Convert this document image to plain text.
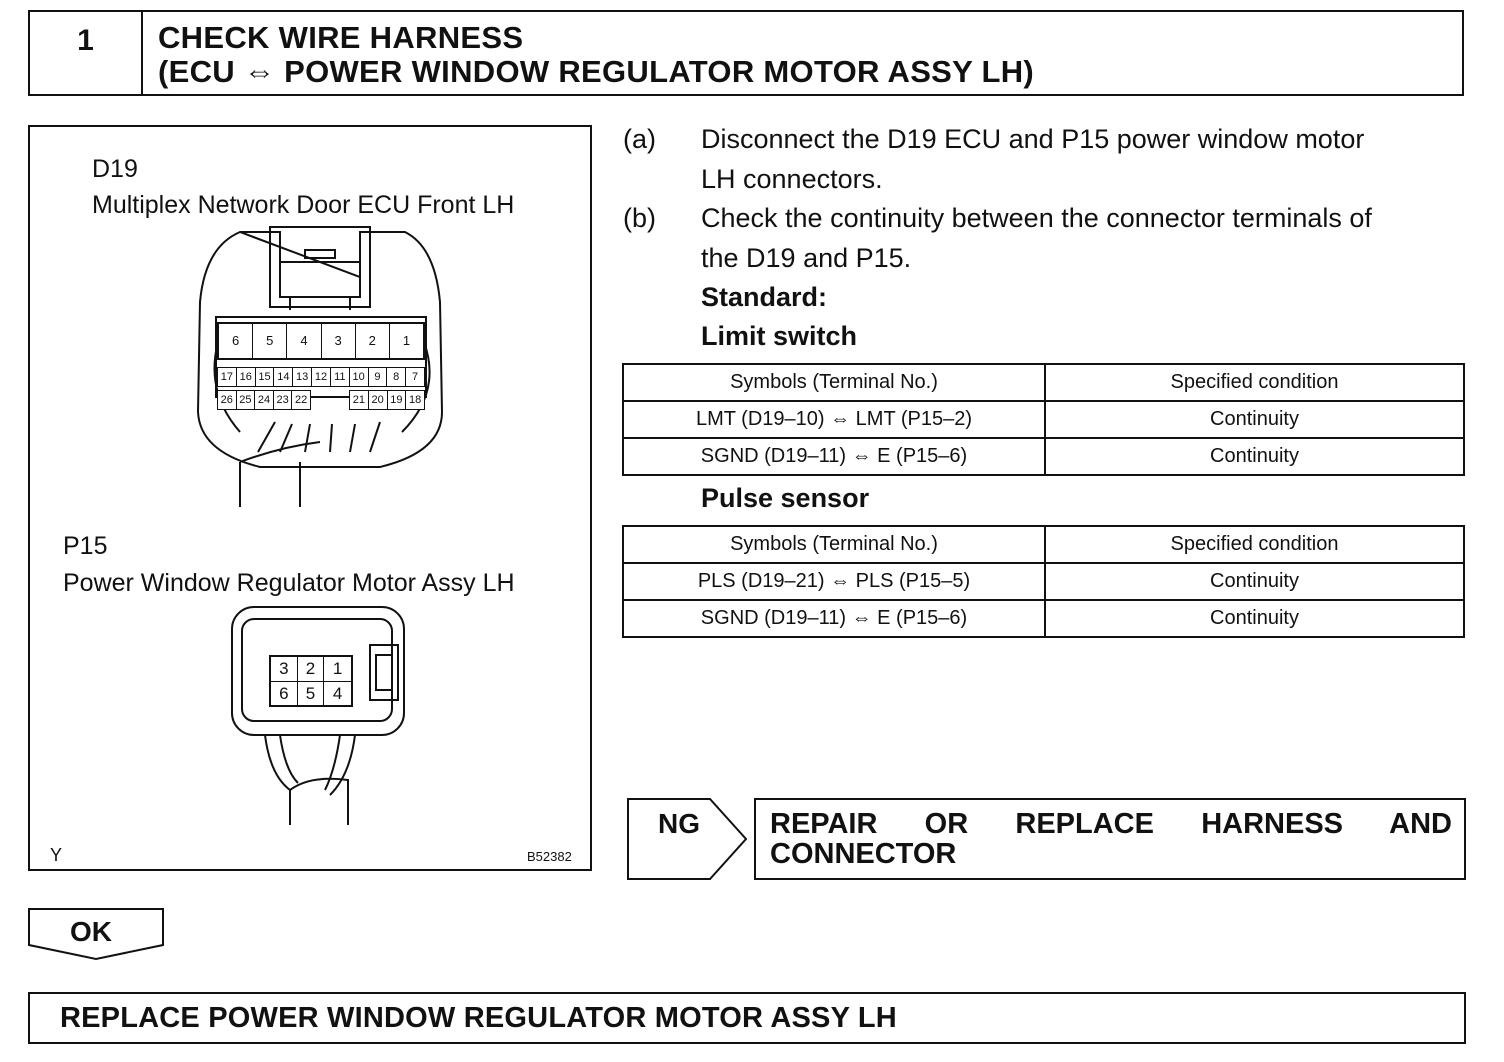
1	CHECK WIRE HARNESS
(ECU ⇔ POWER WINDOW REGULATOR MOTOR ASSY LH)
D19
Multiplex Network Door ECU Front LH
6	5	4	3	2	1
17 16 15 14 13 12 11 10 9	8	7
26 25 24 23 22	21 20 19 18
P15
Power Window Regulator Motor Assy LH
3	2	1
6	5	4
Y	B52382
(a) Disconnect the D19 ECU and P15 power window motor
LH connectors.
(b) Check the continuity between the connector terminals of
the D19 and P15.
Standard:
Limit switch
Symbols (Terminal No.)	Specified condition
LMT (D19–10) ⇔ LMT (P15–2)	Continuity
SGND (D19–11) ⇔ E (P15–6)	Continuity
Pulse sensor
Symbols (Terminal No.)	Specified condition
PLS (D19–21) ⇔ PLS (P15–5)	Continuity
SGND (D19–11) ⇔ E (P15–6)	Continuity
NG REPAIR OR REPLACE HARNESS AND
CONNECTOR
OK
REPLACE POWER WINDOW REGULATOR MOTOR ASSY LH
